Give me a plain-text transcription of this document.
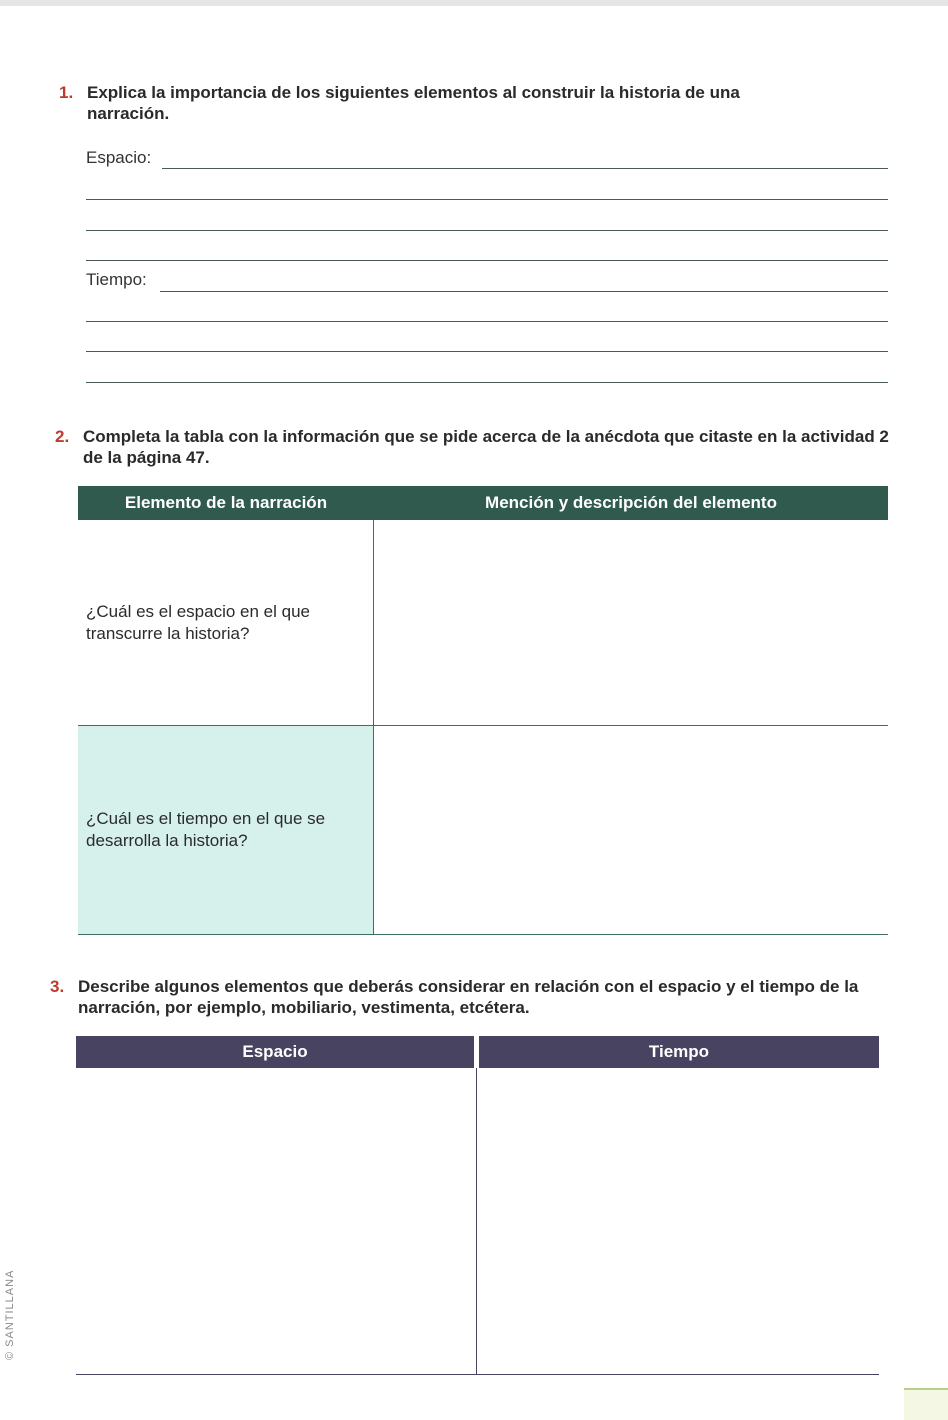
1. Explica la importancia de los siguientes elementos al construir la historia de una narración.
Espacio:
Tiempo:
2. Completa la tabla con la información que se pide acerca de la anécdota que citaste en la actividad 2 de la página 47.
Elemento de la narración	Mención y descripción del elemento
¿Cuál es el espacio en el que transcurre la historia?
¿Cuál es el tiempo en el que se desarrolla la historia?
3. Describe algunos elementos que deberás considerar en relación con el espacio y el tiempo de la narración, por ejemplo, mobiliario, vestimenta, etcétera.
Espacio	Tiempo
© SANTILLANA
